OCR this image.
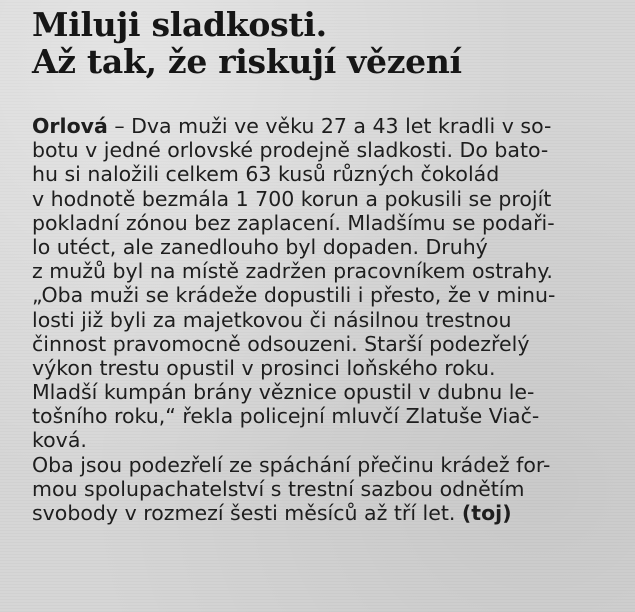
Miluji sladkosti.
Až tak, že riskují vězení
Orlová – Dva muži ve věku 27 a 43 let kradli v so-
botu v jedné orlovské prodejně sladkosti. Do bato-
hu si naložili celkem 63 kusů různých čokolád
v hodnotě bezmála 1 700 korun a pokusili se projít
pokladní zónou bez zaplacení. Mladšímu se podaři-
lo utéct, ale zanedlouho byl dopaden. Druhý
z mužů byl na místě zadržen pracovníkem ostrahy.
„Oba muži se krádeže dopustili i přesto, že v minu-
losti již byli za majetkovou či násilnou trestnou
činnost pravomocně odsouzeni. Starší podezřelý
výkon trestu opustil v prosinci loňského roku.
Mladší kumpán brány věznice opustil v dubnu le-
tošního roku,“ řekla policejní mluvčí Zlatuše Viač-
ková.
Oba jsou podezřelí ze spáchání přečinu krádež for-
mou spolupachatelství s trestní sazbou odnětím
svobody v rozmezí šesti měsíců až tří let. (toj)
